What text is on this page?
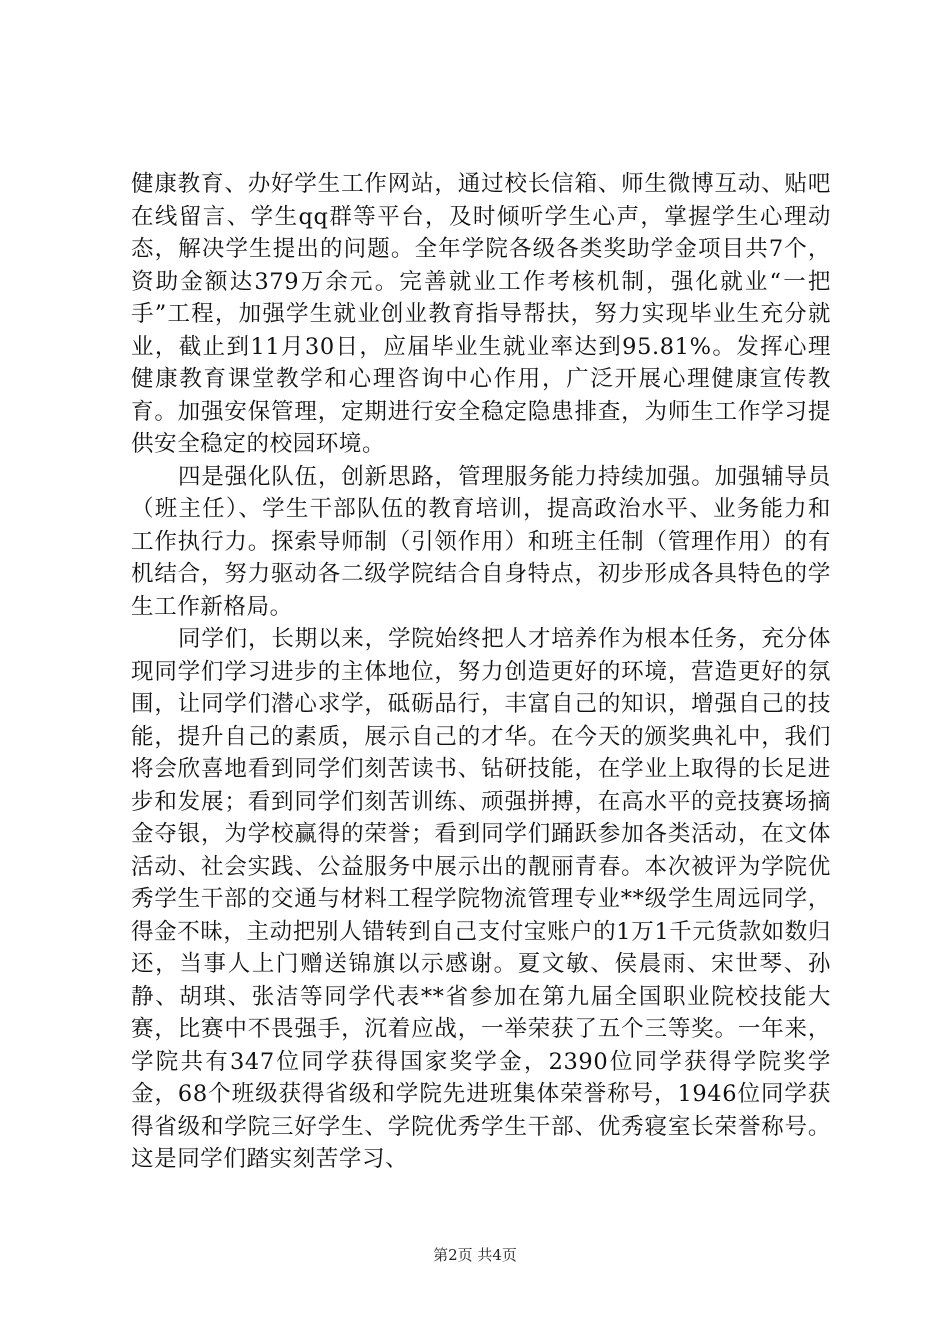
健康教育、办好学生工作网站，通过校长信箱、师生微博互动、贴吧在线留言、学生qq群等平台，及时倾听学生心声，掌握学生心理动态，解决学生提出的问题。全年学院各级各类奖助学金项目共7个，资助金额达379万余元。完善就业工作考核机制，强化就业“一把手”工程，加强学生就业创业教育指导帮扶，努力实现毕业生充分就业，截止到11月30日，应届毕业生就业率达到95.81%。发挥心理健康教育课堂教学和心理咨询中心作用，广泛开展心理健康宣传教育。加强安保管理，定期进行安全稳定隐患排查，为师生工作学习提供安全稳定的校园环境。

四是强化队伍，创新思路，管理服务能力持续加强。加强辅导员（班主任）、学生干部队伍的教育培训，提高政治水平、业务能力和工作执行力。探索导师制（引领作用）和班主任制（管理作用）的有机结合，努力驱动各二级学院结合自身特点，初步形成各具特色的学生工作新格局。

同学们，长期以来，学院始终把人才培养作为根本任务，充分体现同学们学习进步的主体地位，努力创造更好的环境，营造更好的氛围，让同学们潜心求学，砥砺品行，丰富自己的知识，增强自己的技能，提升自己的素质，展示自己的才华。在今天的颁奖典礼中，我们将会欣喜地看到同学们刻苦读书、钻研技能，在学业上取得的长足进步和发展；看到同学们刻苦训练、顽强拼搏，在高水平的竞技赛场摘金夺银，为学校赢得的荣誉；看到同学们踊跃参加各类活动，在文体活动、社会实践、公益服务中展示出的靓丽青春。本次被评为学院优秀学生干部的交通与材料工程学院物流管理专业**级学生周远同学，得金不昧，主动把别人错转到自己支付宝账户的1万1千元货款如数归还，当事人上门赠送锦旗以示感谢。夏文敏、侯晨雨、宋世琴、孙静、胡琪、张洁等同学代表**省参加在第九届全国职业院校技能大赛，比赛中不畏强手，沉着应战，一举荣获了五个三等奖。一年来，学院共有347位同学获得国家奖学金，2390位同学获得学院奖学金，68个班级获得省级和学院先进班集体荣誉称号，1946位同学获得省级和学院三好学生、学院优秀学生干部、优秀寝室长荣誉称号。这是同学们踏实刻苦学习、

第2页 共4页
